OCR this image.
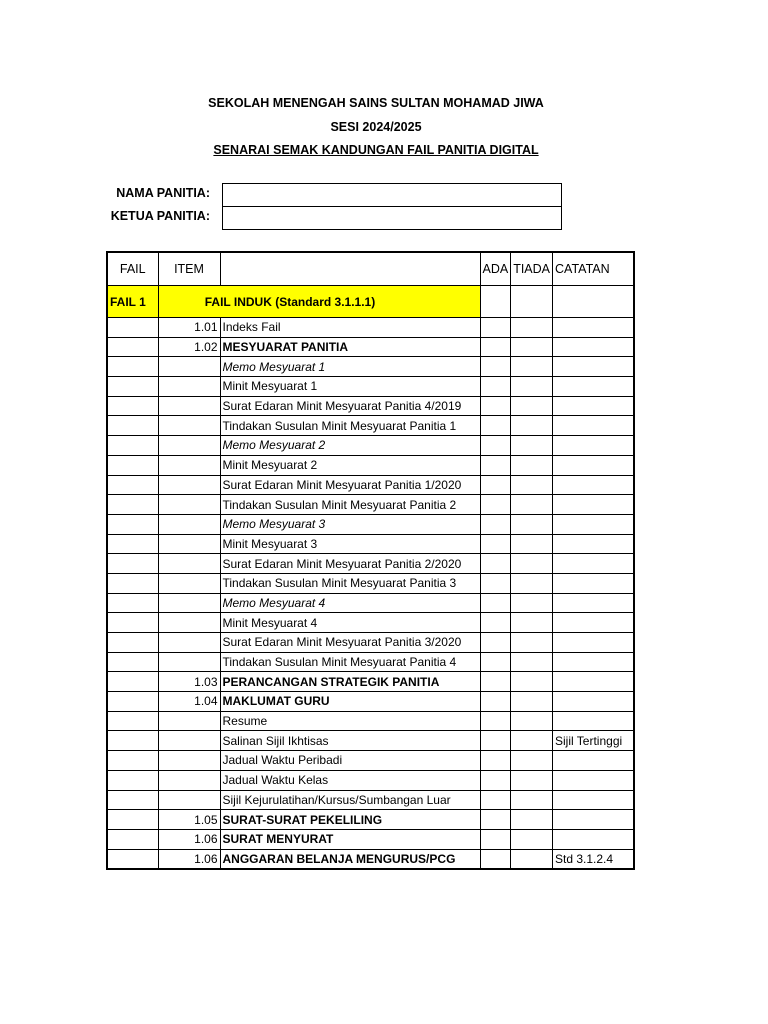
SEKOLAH MENENGAH SAINS SULTAN MOHAMAD JIWA
SESI 2024/2025
SENARAI SEMAK KANDUNGAN FAIL PANITIA DIGITAL
NAMA PANITIA:
KETUA PANITIA:
FAIL	ITEM		ADA	TIADA	CATATAN
FAIL 1	FAIL INDUK (Standard 3.1.1.1)				
	1.01	Indeks Fail			
	1.02	MESYUARAT PANITIA			
		Memo Mesyuarat 1			
		Minit Mesyuarat 1			
		Surat Edaran Minit Mesyuarat Panitia 4/2019			
		Tindakan Susulan Minit Mesyuarat Panitia 1			
		Memo Mesyuarat 2			
		Minit Mesyuarat 2			
		Surat Edaran Minit Mesyuarat Panitia 1/2020			
		Tindakan Susulan Minit Mesyuarat Panitia 2			
		Memo Mesyuarat 3			
		Minit Mesyuarat 3			
		Surat Edaran Minit Mesyuarat Panitia 2/2020			
		Tindakan Susulan Minit Mesyuarat Panitia 3			
		Memo Mesyuarat 4			
		Minit Mesyuarat 4			
		Surat Edaran Minit Mesyuarat Panitia 3/2020			
		Tindakan Susulan Minit Mesyuarat Panitia 4			
	1.03	PERANCANGAN STRATEGIK PANITIA			
	1.04	MAKLUMAT GURU			
		Resume			
		Salinan Sijil Ikhtisas			Sijil Tertinggi
		Jadual Waktu Peribadi			
		Jadual Waktu Kelas			
		Sijil Kejurulatihan/Kursus/Sumbangan Luar			
	1.05	SURAT-SURAT PEKELILING			
	1.06	SURAT MENYURAT			
	1.06	ANGGARAN BELANJA MENGURUS/PCG			Std 3.1.2.4
